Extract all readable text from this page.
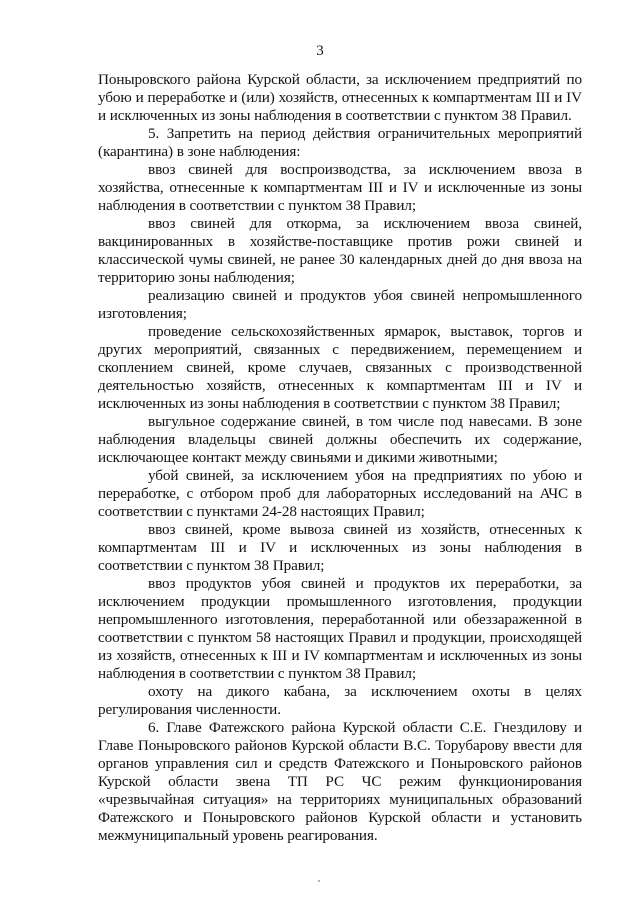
3

Поныровского района Курской области, за исключением предприятий по убою и переработке и (или) хозяйств, отнесенных к компартментам III и IV и исключенных из зоны наблюдения в соответствии с пунктом 38 Правил.

5. Запретить на период действия ограничительных мероприятий (карантина) в зоне наблюдения:

ввоз свиней для воспроизводства, за исключением ввоза в хозяйства, отнесенные к компартментам III и IV и исключенные из зоны наблюдения в соответствии с пунктом 38 Правил;

ввоз свиней для откорма, за исключением ввоза свиней, вакцинированных в хозяйстве-поставщике против рожи свиней и классической чумы свиней, не ранее 30 календарных дней до дня ввоза на территорию зоны наблюдения;

реализацию свиней и продуктов убоя свиней непромышленного изготовления;

проведение сельскохозяйственных ярмарок, выставок, торгов и других мероприятий, связанных с передвижением, перемещением и скоплением свиней, кроме случаев, связанных с производственной деятельностью хозяйств, отнесенных к компартментам III и IV и исключенных из зоны наблюдения в соответствии с пунктом 38 Правил;

выгульное содержание свиней, в том числе под навесами. В зоне наблюдения владельцы свиней должны обеспечить их содержание, исключающее контакт между свиньями и дикими животными;

убой свиней, за исключением убоя на предприятиях по убою и переработке, с отбором проб для лабораторных исследований на АЧС в соответствии с пунктами 24-28 настоящих Правил;

ввоз свиней, кроме вывоза свиней из хозяйств, отнесенных к компартментам III и IV и исключенных из зоны наблюдения в соответствии с пунктом 38 Правил;

ввоз продуктов убоя свиней и продуктов их переработки, за исключением продукции промышленного изготовления, продукции непромышленного изготовления, переработанной или обеззараженной в соответствии с пунктом 58 настоящих Правил и продукции, происходящей из хозяйств, отнесенных к III и IV компартментам и исключенных из зоны наблюдения в соответствии с пунктом 38 Правил;

охоту на дикого кабана, за исключением охоты в целях регулирования численности.

6. Главе Фатежского района Курской области С.Е. Гнездилову и Главе Поныровского районов Курской области В.С. Торубарову ввести для органов управления сил и средств Фатежского и Поныровского районов Курской области звена ТП РС ЧС режим функционирования «чрезвычайная ситуация» на территориях муниципальных образований Фатежского и Поныровского районов Курской области и установить межмуниципальный уровень реагирования.
